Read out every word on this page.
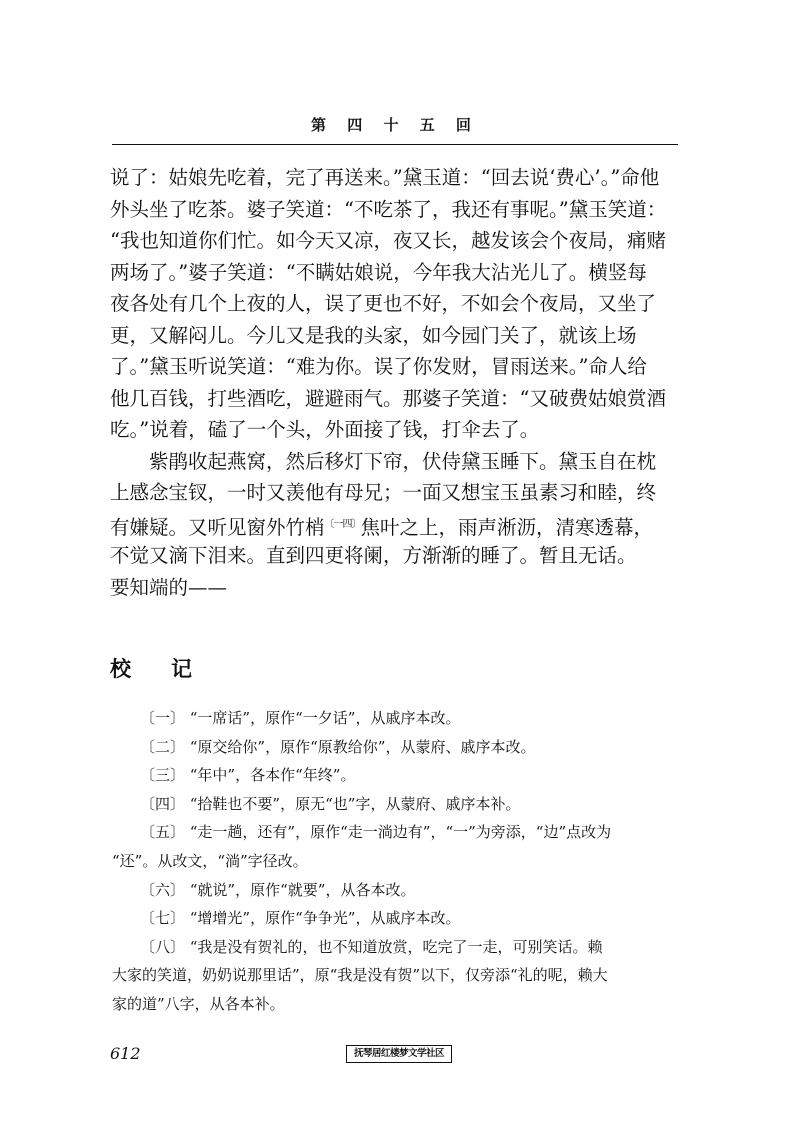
第 四 十 五 回
说了：姑娘先吃着，完了再送来。”黛玉道：“回去说‘费心’。”命他
外头坐了吃茶。婆子笑道：“不吃茶了，我还有事呢。”黛玉笑道：
“我也知道你们忙。如今天又凉，夜又长，越发该会个夜局，痛赌
两场了。”婆子笑道：“不瞒姑娘说，今年我大沾光儿了。横竖每
夜各处有几个上夜的人，误了更也不好，不如会个夜局，又坐了
更，又解闷儿。今儿又是我的头家，如今园门关了，就该上场
了。”黛玉听说笑道：“难为你。误了你发财，冒雨送来。”命人给
他几百钱，打些酒吃，避避雨气。那婆子笑道：“又破费姑娘赏酒
吃。”说着，磕了一个头，外面接了钱，打伞去了。
　　紫鹃收起燕窝，然后移灯下帘，伏侍黛玉睡下。黛玉自在枕
上感念宝钗，一时又羡他有母兄；一面又想宝玉虽素习和睦，终
有嫌疑。又听见窗外竹梢$^{〔一四〕}$焦叶之上，雨声淅沥，清寒透幕，
不觉又滴下泪来。直到四更将阑，方渐渐的睡了。暂且无话。
要知端的——
校 记
〔一〕 “一席话”，原作“一夕话”，从戚序本改。
〔二〕 “原交给你”，原作“原教给你”，从蒙府、戚序本改。
〔三〕 “年中”，各本作“年终”。
〔四〕 “拾鞋也不要”，原无“也”字，从蒙府、戚序本补。
〔五〕 “走一趟，还有”，原作“走一淌边有”，“一”为旁添，“边”点改为
“还”。从改文，“淌”字径改。
〔六〕 “就说”，原作“就要”，从各本改。
〔七〕 “增增光”，原作“争争光”，从戚序本改。
〔八〕 “我是没有贺礼的，也不知道放赏，吃完了一走，可别笑话。赖
大家的笑道，奶奶说那里话”，原“我是没有贺”以下，仅旁添“礼的呢，赖大
家的道”八字，从各本补。
612	抚琴居红楼梦文学社区
